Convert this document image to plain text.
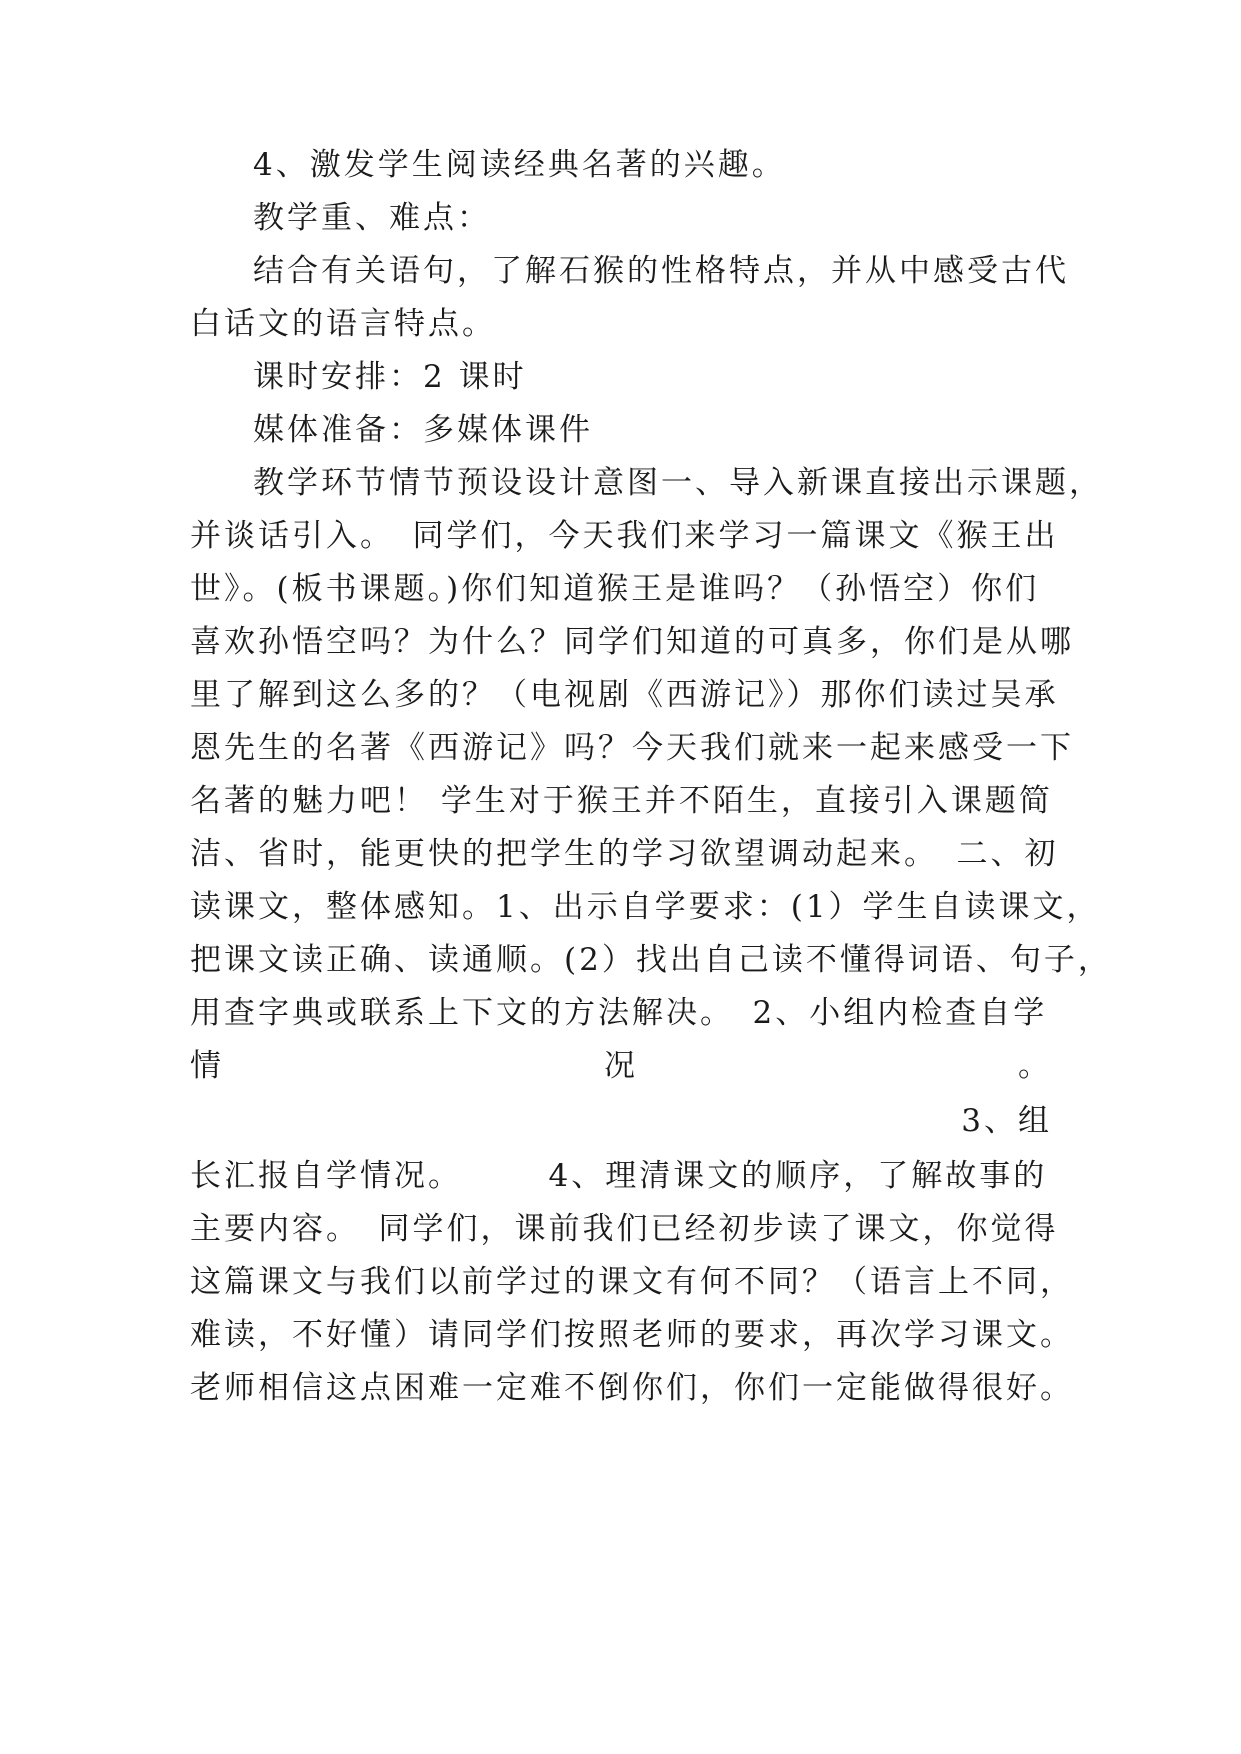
4、激发学生阅读经典名著的兴趣。
教学重、难点：
结合有关语句，了解石猴的性格特点，并从中感受古代
白话文的语言特点。
课时安排：2 课时
媒体准备：多媒体课件
教学环节情节预设设计意图一、导入新课直接出示课题，
并谈话引入。　同学们，今天我们来学习一篇课文《猴王出
世》。(板书课题。)你们知道猴王是谁吗？（孙悟空）你们
喜欢孙悟空吗？为什么？同学们知道的可真多，你们是从哪
里了解到这么多的？（电视剧《西游记》）那你们读过吴承
恩先生的名著《西游记》吗？今天我们就来一起来感受一下
名著的魅力吧！ 学生对于猴王并不陌生，直接引入课题简
洁、省时，能更快的把学生的学习欲望调动起来。　二、初
读课文，整体感知。1、出示自学要求：(1）学生自读课文，
把课文读正确、读通顺。(2）找出自己读不懂得词语、句子，
用查字典或联系上下文的方法解决。　2、小组内检查自学
情	况	。
3、组
长汇报自学情况。　　　4、理清课文的顺序，了解故事的
主要内容。　同学们，课前我们已经初步读了课文，你觉得
这篇课文与我们以前学过的课文有何不同？（语言上不同，
难读，不好懂）请同学们按照老师的要求，再次学习课文。
老师相信这点困难一定难不倒你们，你们一定能做得很好。
